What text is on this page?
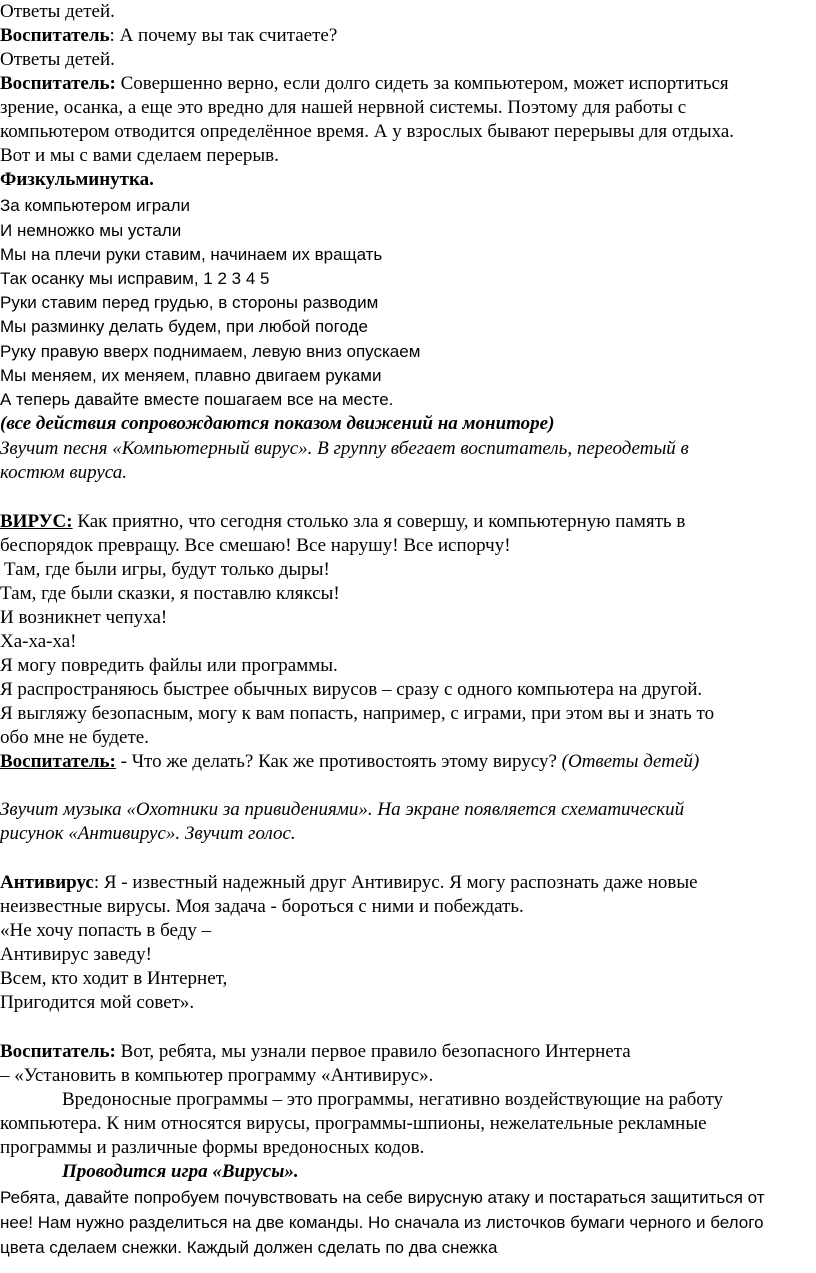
Ответы детей.

Воспитатель: А почему вы так считаете?

Ответы детей.

Воспитатель: Совершенно верно, если долго сидеть за компьютером, может испортиться

зрение, осанка, а еще это вредно для нашей нервной системы. Поэтому для работы с

компьютером отводится определённое время. А у взрослых бывают перерывы для отдыха.

Вот и мы с вами сделаем перерыв.

Физкульминутка.

За компьютером играли

И немножко мы устали

Мы на плечи руки ставим, начинаем их вращать

Так осанку мы исправим, 1 2 3 4 5

Руки ставим перед грудью, в стороны разводим

Мы разминку делать будем, при любой погоде

Руку правую вверх поднимаем, левую вниз опускаем

Мы меняем, их меняем, плавно двигаем руками

А теперь давайте вместе пошагаем все на месте.

(все действия сопровождаются показом движений на мониторе)

Звучит песня «Компьютерный вирус». В группу вбегает воспитатель, переодетый в

костюм вируса.

ВИРУС: Как приятно, что сегодня столько зла я совершу, и компьютерную память в

беспорядок превращу. Все смешаю! Все нарушу! Все испорчу!

Там, где были игры, будут только дыры!

Там, где были сказки, я поставлю кляксы!

И возникнет чепуха!

Ха-ха-ха!

Я могу повредить файлы или программы.

Я распространяюсь быстрее обычных вирусов – сразу с одного компьютера на другой.

Я выгляжу безопасным, могу к вам попасть, например, с играми, при этом вы и знать то

обо мне не будете.

Воспитатель: - Что же делать? Как же противостоять этому вирусу? (Ответы детей)

Звучит музыка «Охотники за привидениями». На экране появляется схематический

рисунок «Антивирус». Звучит голос.

Антивирус: Я - известный надежный друг Антивирус. Я могу распознать даже новые

неизвестные вирусы. Моя задача - бороться с ними и побеждать.

«Не хочу попасть в беду –

Антивирус заведу!

Всем, кто ходит в Интернет,

Пригодится мой совет».

Воспитатель: Вот, ребята, мы узнали первое правило безопасного Интернета

– «Установить в компьютер программу «Антивирус».

Вредоносные программы – это программы, негативно воздействующие на работу

компьютера. К ним относятся вирусы, программы-шпионы, нежелательные рекламные

программы и различные формы вредоносных кодов.

Проводится игра «Вирусы».

Ребята, давайте попробуем почувствовать на себе вирусную атаку и постараться защититься от

нее! Нам нужно разделиться на две команды. Но сначала из листочков бумаги черного и белого

цвета сделаем снежки. Каждый должен сделать по два снежка
